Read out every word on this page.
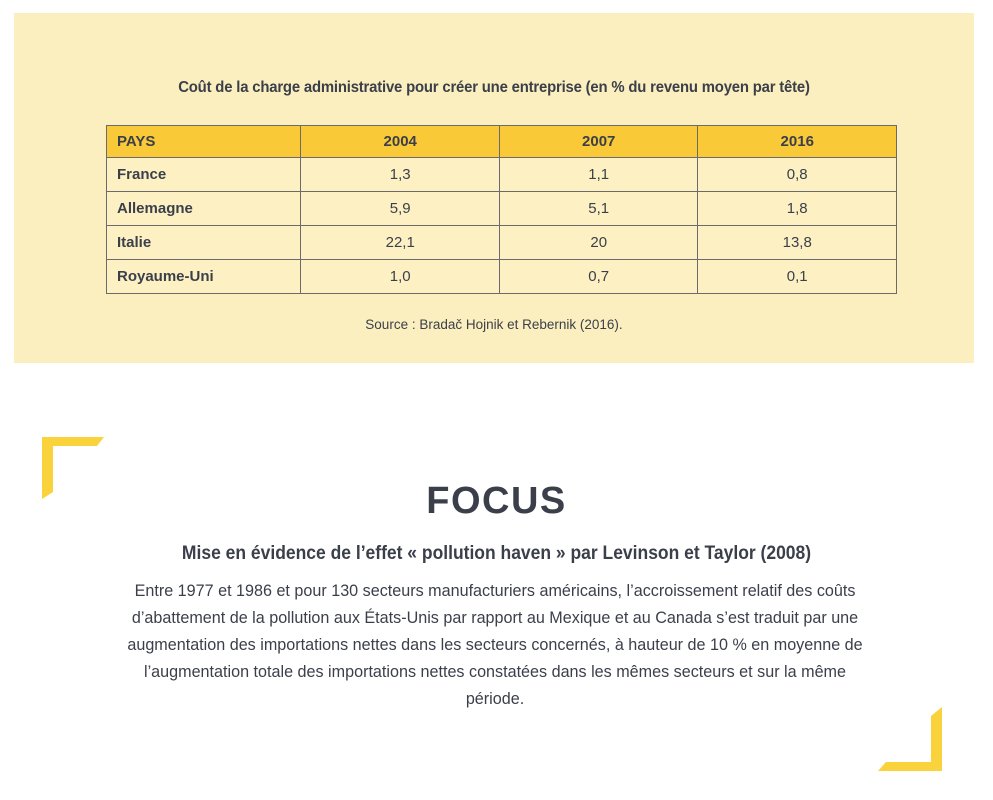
Coût de la charge administrative pour créer une entreprise (en % du revenu moyen par tête)
PAYS	2004	2007	2016
France	1,3	1,1	0,8
Allemagne	5,9	5,1	1,8
Italie	22,1	20	13,8
Royaume-Uni	1,0	0,7	0,1
Source : Bradač Hojnik et Rebernik (2016).
FOCUS
Mise en évidence de l’effet « pollution haven » par Levinson et Taylor (2008)
Entre 1977 et 1986 et pour 130 secteurs manufacturiers américains, l’accroissement relatif des coûts d’abattement de la pollution aux États-Unis par rapport au Mexique et au Canada s’est traduit par une augmentation des importations nettes dans les secteurs concernés, à hauteur de 10 % en moyenne de l’augmentation totale des importations nettes constatées dans les mêmes secteurs et sur la même période.
